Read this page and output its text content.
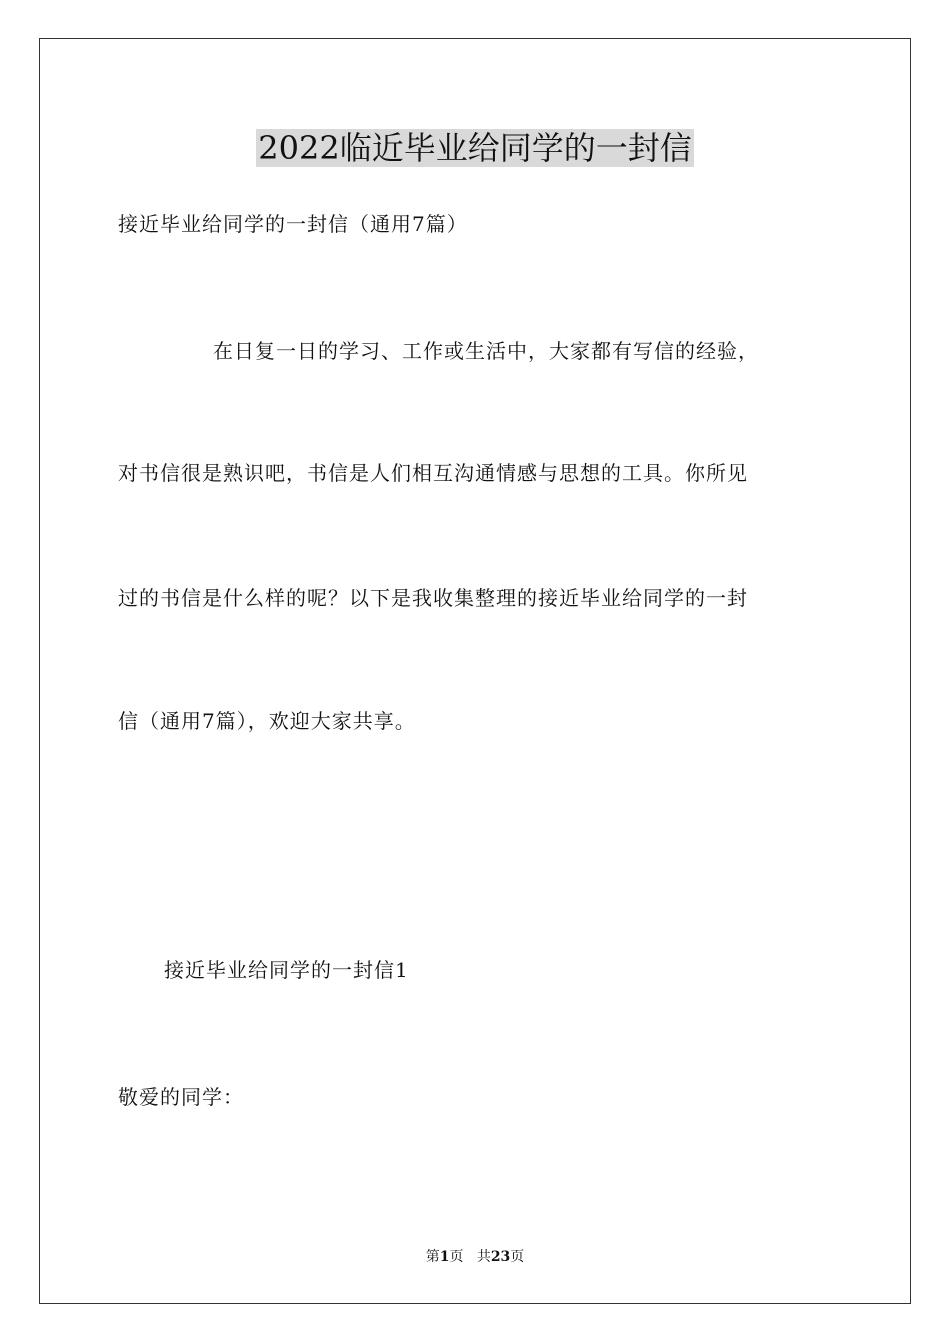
2022临近毕业给同学的一封信
接近毕业给同学的一封信（通用7篇）
在日复一日的学习、工作或生活中，大家都有写信的经验，
对书信很是熟识吧，书信是人们相互沟通情感与思想的工具。你所见
过的书信是什么样的呢？以下是我收集整理的接近毕业给同学的一封
信（通用7篇），欢迎大家共享。
接近毕业给同学的一封信1
敬爱的同学：
第1页 共23页
